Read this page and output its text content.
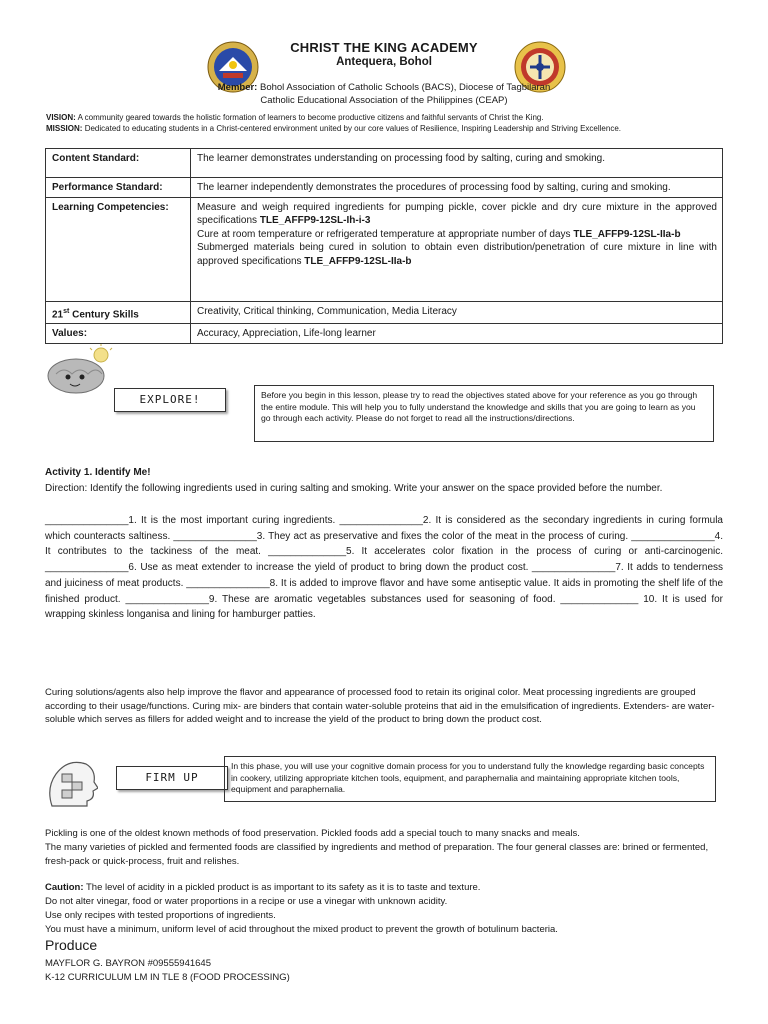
CHRIST THE KING ACADEMY
Antequera, Bohol
Member: Bohol Association of Catholic Schools (BACS), Diocese of Tagbilaran
Catholic Educational Association of the Philippines (CEAP)
VISION: A community geared towards the holistic formation of learners to become productive citizens and faithful servants of Christ the King.
MISSION: Dedicated to educating students in a Christ-centered environment united by our core values of Resilience, Inspiring Leadership and Striving Excellence.
Content Standard:	The learner demonstrates understanding on processing food by salting, curing and smoking.
Performance Standard:	The learner independently demonstrates the procedures of processing food by salting, curing and smoking.
Learning Competencies:	Measure and weigh required ingredients for pumping pickle, cover pickle and dry cure mixture in the approved specifications TLE_AFFP9-12SL-Ih-i-3
Cure at room temperature or refrigerated temperature at appropriate number of days TLE_AFFP9-12SL-IIa-b
Submerged materials being cured in solution to obtain even distribution/penetration of cure mixture in line with approved specifications TLE_AFFP9-12SL-IIa-b
21st Century Skills	Creativity, Critical thinking, Communication, Media Literacy
Values:	Accuracy, Appreciation, Life-long learner
EXPLORE!	Before you begin in this lesson, please try to read the objectives stated above for your reference as you go through the entire module. This will help you to fully understand the knowledge and skills that you are going to learn as you go through each activity. Please do not forget to read all the instructions/directions.
Activity 1. Identify Me!
Direction: Identify the following ingredients used in curing salting and smoking. Write your answer on the space provided before the number.
_______________1. It is the most important curing ingredients. _______________2. It is considered as the secondary ingredients in curing formula which counteracts saltiness. _______________3. They act as preservative and fixes the color of the meat in the process of curing. _______________4. It contributes to the tackiness of the meat. ______________5. It accelerates color fixation in the process of curing or anti-carcinogenic. _______________6. Use as meat extender to increase the yield of product to bring down the product cost. _______________7. It adds to tenderness and juiciness of meat products. _______________8. It is added to improve flavor and have some antiseptic value. It aids in promoting the shelf life of the finished product. _______________9. These are aromatic vegetables substances used for seasoning of food. ______________ 10. It is used for wrapping skinless longanisa and lining for hamburger patties.
Curing solutions/agents also help improve the flavor and appearance of processed food to retain its original color. Meat processing ingredients are grouped according to their usage/functions. Curing mix- are binders that contain water-soluble proteins that aid in the emulsification of ingredients. Extenders- are water-soluble which serves as fillers for added weight and to increase the yield of the product to bring down the product cost.
FIRM UP
In this phase, you will use your cognitive domain process for you to understand fully the knowledge regarding basic concepts in cookery, utilizing appropriate kitchen tools, equipment, and paraphernalia and maintaining appropriate kitchen tools, equipment and paraphernalia.
Pickling is one of the oldest known methods of food preservation. Pickled foods add a special touch to many snacks and meals.
The many varieties of pickled and fermented foods are classified by ingredients and method of preparation. The four general classes are: brined or fermented, fresh-pack or quick-process, fruit and relishes.
Caution: The level of acidity in a pickled product is as important to its safety as it is to taste and texture.
Do not alter vinegar, food or water proportions in a recipe or use a vinegar with unknown acidity.
Use only recipes with tested proportions of ingredients.
You must have a minimum, uniform level of acid throughout the mixed product to prevent the growth of botulinum bacteria.
Produce
MAYFLOR G. BAYRON #09555941645
K-12 CURRICULUM LM IN TLE 8 (FOOD PROCESSING)
